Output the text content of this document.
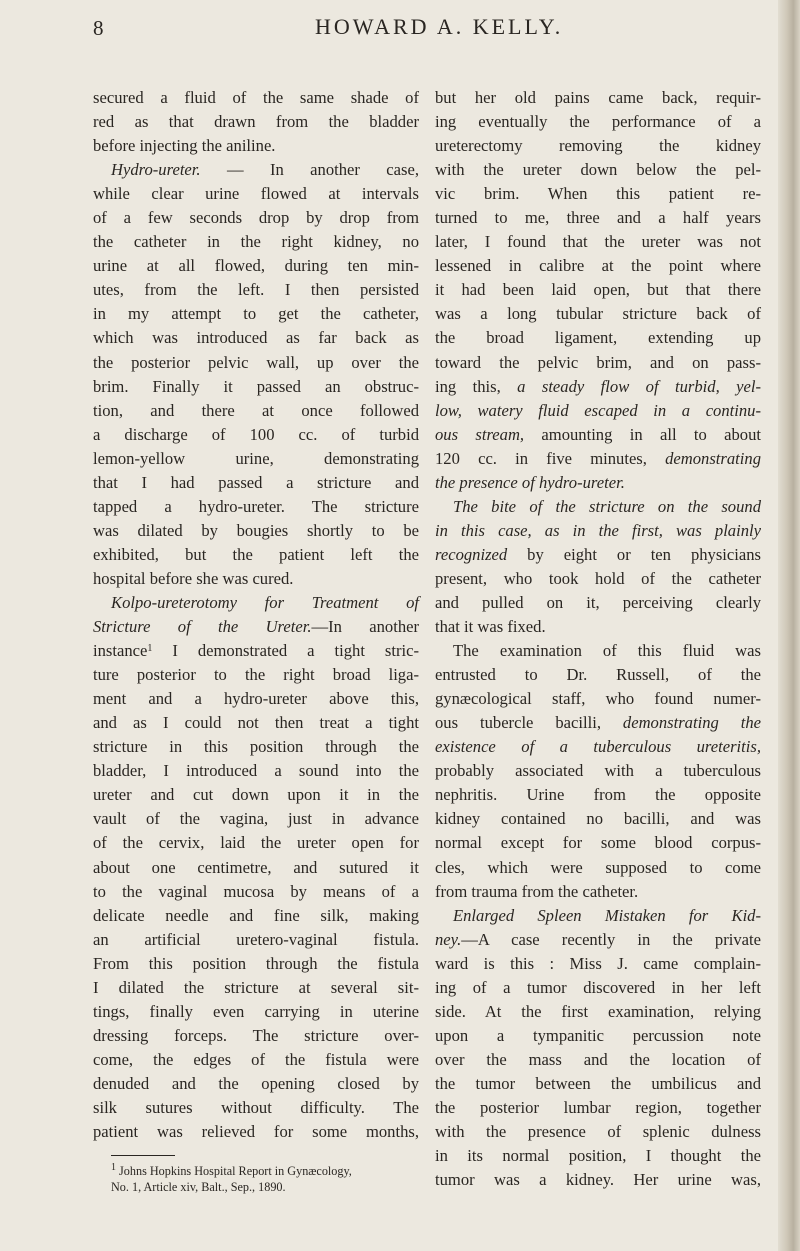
8	HOWARD A. KELLY.

secured a fluid of the same shade of
red as that drawn from the bladder
before injecting the aniline.
Hydro-ureter. — In another case,
while clear urine flowed at intervals
of a few seconds drop by drop from
the catheter in the right kidney, no
urine at all flowed, during ten min-
utes, from the left. I then persisted
in my attempt to get the catheter,
which was introduced as far back as
the posterior pelvic wall, up over the
brim. Finally it passed an obstruc-
tion, and there at once followed
a discharge of 100 cc. of turbid
lemon-yellow urine, demonstrating
that I had passed a stricture and
tapped a hydro-ureter. The stricture
was dilated by bougies shortly to be
exhibited, but the patient left the
hospital before she was cured.
Kolpo-ureterotomy for Treatment of
Stricture of the Ureter.—In another
instance$^1$ I demonstrated a tight stric-
ture posterior to the right broad liga-
ment and a hydro-ureter above this,
and as I could not then treat a tight
stricture in this position through the
bladder, I introduced a sound into the
ureter and cut down upon it in the
vault of the vagina, just in advance
of the cervix, laid the ureter open for
about one centimetre, and sutured it
to the vaginal mucosa by means of a
delicate needle and fine silk, making
an artificial uretero-vaginal fistula.
From this position through the fistula
I dilated the stricture at several sit-
tings, finally even carrying in uterine
dressing forceps. The stricture over-
come, the edges of the fistula were
denuded and the opening closed by
silk sutures without difficulty. The
patient was relieved for some months,
but her old pains came back, requir-
ing eventually the performance of a
ureterectomy removing the kidney
with the ureter down below the pel-
vic brim. When this patient re-
turned to me, three and a half years
later, I found that the ureter was not
lessened in calibre at the point where
it had been laid open, but that there
was a long tubular stricture back of
the broad ligament, extending up
toward the pelvic brim, and on pass-
ing this, a steady flow of turbid, yel-
low, watery fluid escaped in a continu-
ous stream, amounting in all to about
120 cc. in five minutes, demonstrating
the presence of hydro-ureter.
The bite of the stricture on the sound
in this case, as in the first, was plainly
recognized by eight or ten physicians
present, who took hold of the catheter
and pulled on it, perceiving clearly
that it was fixed.
The examination of this fluid was
entrusted to Dr. Russell, of the
gynæcological staff, who found numer-
ous tubercle bacilli, demonstrating the
existence of a tuberculous ureteritis,
probably associated with a tuberculous
nephritis. Urine from the opposite
kidney contained no bacilli, and was
normal except for some blood corpus-
cles, which were supposed to come
from trauma from the catheter.
Enlarged Spleen Mistaken for Kid-
ney.—A case recently in the private
ward is this : Miss J. came complain-
ing of a tumor discovered in her left
side. At the first examination, relying
upon a tympanitic percussion note
over the mass and the location of
the tumor between the umbilicus and
the posterior lumbar region, together
with the presence of splenic dulness
in its normal position, I thought the
tumor was a kidney. Her urine was,
$^1$ Johns Hopkins Hospital Report in Gynæcology,
No. 1, Article xiv, Balt., Sep., 1890.
